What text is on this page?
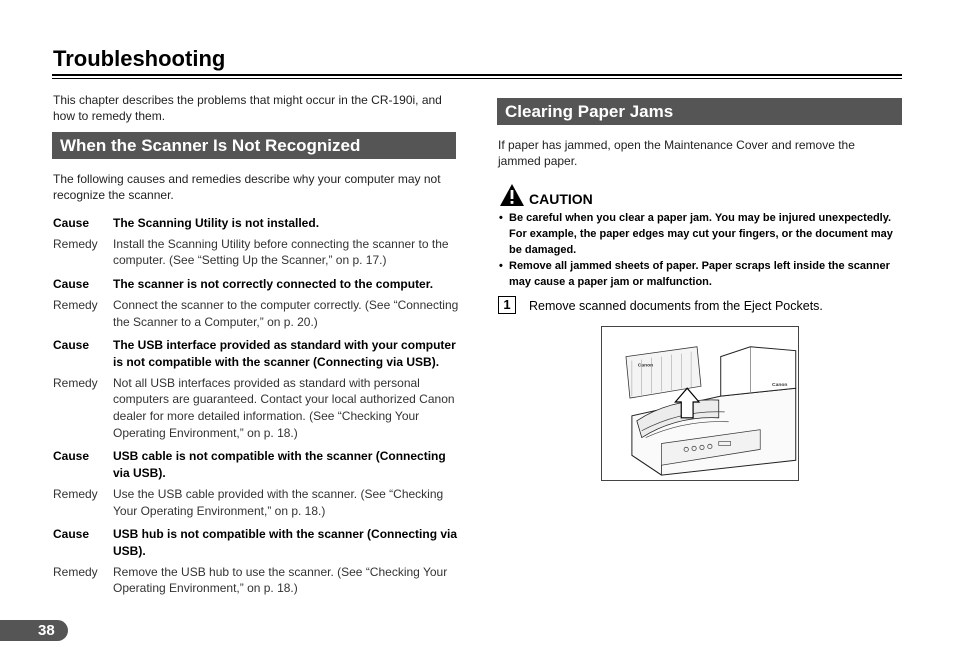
Troubleshooting

This chapter describes the problems that might occur in the CR-190i, and how to remedy them.

When the Scanner Is Not Recognized

The following causes and remedies describe why your computer may not recognize the scanner.

Cause	The Scanning Utility is not installed.
Remedy	Install the Scanning Utility before connecting the scanner to the computer. (See “Setting Up the Scanner,” on p. 17.)
Cause	The scanner is not correctly connected to the computer.
Remedy	Connect the scanner to the computer correctly. (See “Connecting the Scanner to a Computer,” on p. 20.)
Cause	The USB interface provided as standard with your computer is not compatible with the scanner (Connecting via USB).
Remedy	Not all USB interfaces provided as standard with personal computers are guaranteed. Contact your local authorized Canon dealer for more detailed information. (See “Checking Your Operating Environment,” on p. 18.)
Cause	USB cable is not compatible with the scanner (Connecting via USB).
Remedy	Use the USB cable provided with the scanner. (See “Checking Your Operating Environment,” on p. 18.)
Cause	USB hub is not compatible with the scanner (Connecting via USB).
Remedy	Remove the USB hub to use the scanner. (See “Checking Your Operating Environment,” on p. 18.)
Clearing Paper Jams

If paper has jammed, open the Maintenance Cover and remove the jammed paper.

CAUTION
• Be careful when you clear a paper jam. You may be injured unexpectedly. For example, the paper edges may cut your fingers, or the document may be damaged.
• Remove all jammed sheets of paper. Paper scraps left inside the scanner may cause a paper jam or malfunction.
1	Remove scanned documents from the Eject Pockets.
Canon
Canon
38
